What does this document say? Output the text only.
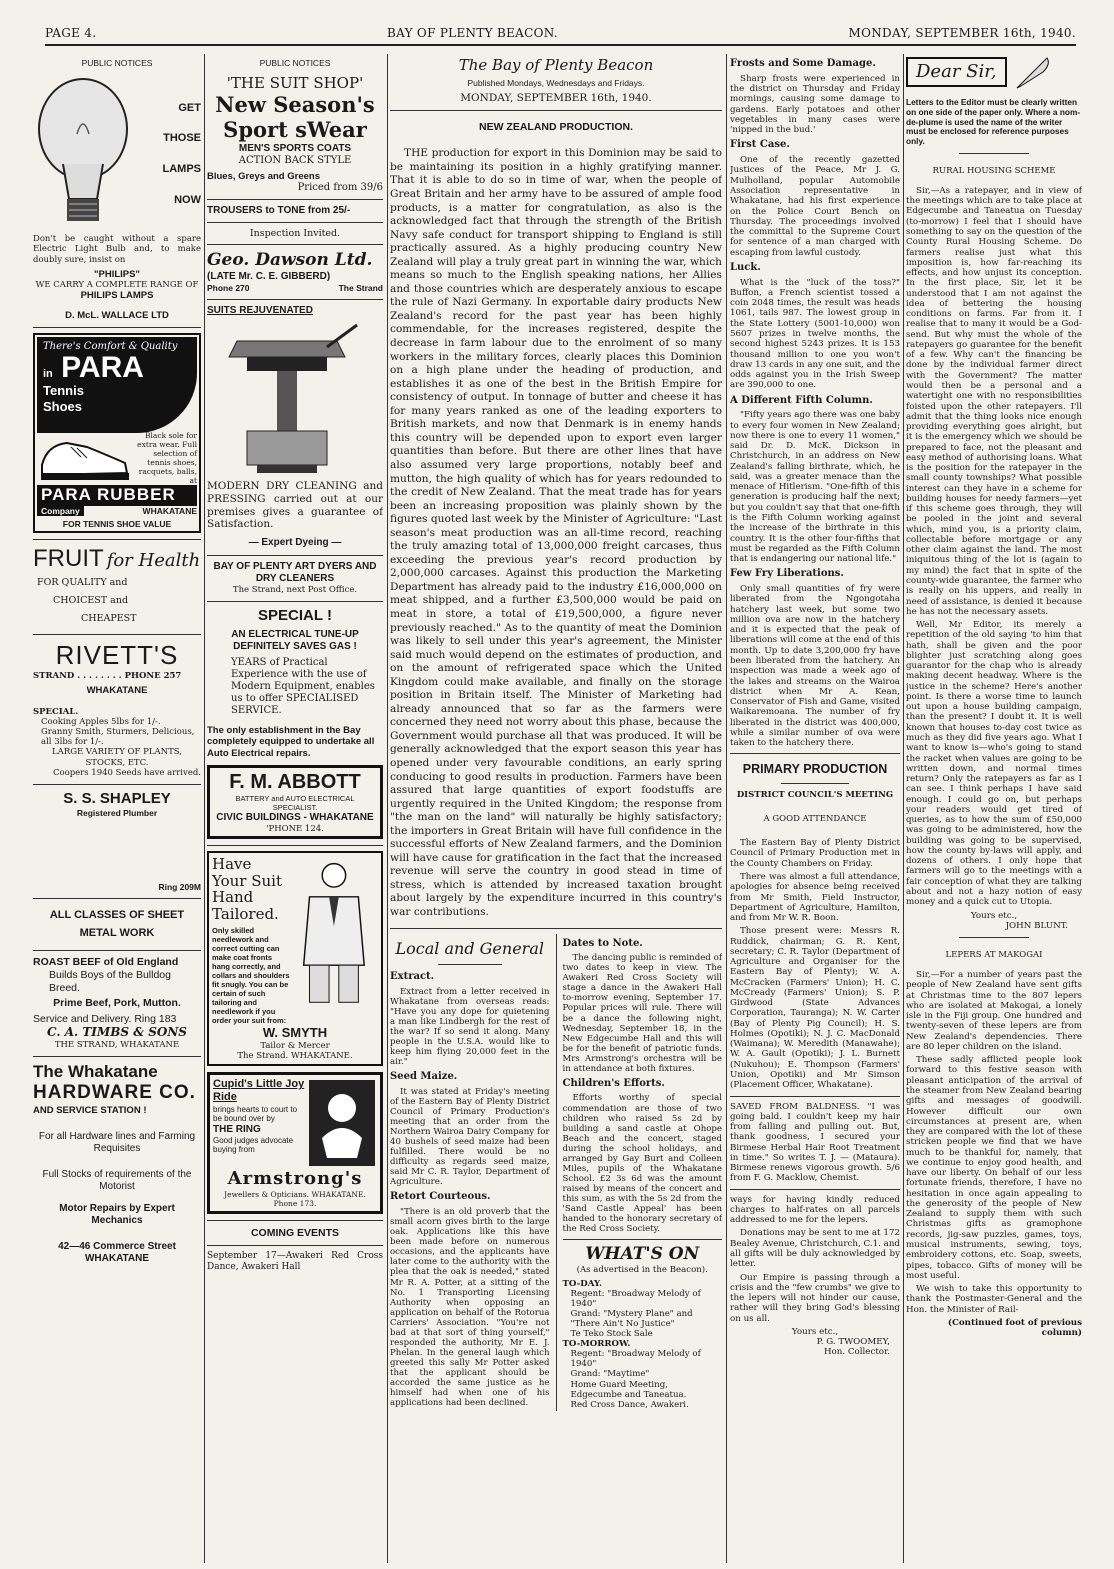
PAGE 4.	BAY OF PLENTY BEACON.	MONDAY, SEPTEMBER 16th, 1940.
PUBLIC NOTICES
GET
THOSE
LAMPS
NOW
Don't be caught without a spare Electric Light Bulb and, to make doubly sure, insist on
"PHILIPS"
WE CARRY A COMPLETE RANGE OF
PHILIPS LAMPS
D. McL. WALLACE LTD
There's Comfort & Quality
in PARA
Tennis Shoes
Black sole for extra wear. Full selection of tennis shoes, racquets, balls, at
PARA RUBBER
Company	WHAKATANE
FOR TENNIS SHOE VALUE
FRUIT for Health
FOR QUALITY and
CHOICEST and
CHEAPEST
RIVETT'S
STRAND . . . . . . . . PHONE 257
WHAKATANE
SPECIAL.
Cooking Apples 5lbs for 1/-.
Granny Smith, Sturmers, Delicious, all 3lbs for 1/-.
LARGE VARIETY OF PLANTS, STOCKS, ETC.
Coopers 1940 Seeds have arrived.
S. S. SHAPLEY
Registered Plumber
Ring 209M
ALL CLASSES OF SHEET METAL WORK
ROAST BEEF of Old England
Builds Boys of the Bulldog Breed.
Prime Beef, Pork, Mutton.
Service and Delivery. Ring 183
C. A. TIMBS & SONS
THE STRAND, WHAKATANE
The Whakatane
HARDWARE CO.
AND SERVICE STATION !
For all Hardware lines and Farming Requisites
Full Stocks of requirements of the Motorist
Motor Repairs by Expert Mechanics
42—46 Commerce Street
WHAKATANE
PUBLIC NOTICES
'THE SUIT SHOP'
New Season's
Sport sWear
MEN'S SPORTS COATS
ACTION BACK STYLE
Blues, Greys and Greens
Priced from 39/6
TROUSERS to TONE from 25/-
Inspection Invited.
Geo. Dawson Ltd.
(LATE Mr. C. E. GIBBERD)
Phone 270	The Strand
SUITS REJUVENATED
MODERN DRY CLEANING and PRESSING carried out at our premises gives a guarantee of Satisfaction.
— Expert Dyeing —
BAY OF PLENTY ART DYERS AND DRY CLEANERS
The Strand, next Post Office.
SPECIAL !
AN ELECTRICAL TUNE-UP DEFINITELY SAVES GAS !
YEARS of Practical Experience with the use of Modern Equipment, enables us to offer SPECIALISED SERVICE.
The only establishment in the Bay completely equipped to undertake all Auto Electrical repairs.
F. M. ABBOTT
BATTERY and AUTO ELECTRICAL SPECIALIST.
CIVIC BUILDINGS - WHAKATANE
'PHONE 124.
Have Your Suit Hand Tailored.
Only skilled needlework and correct cutting can make coat fronts hang correctly, and collars and shoulders fit snugly. You can be certain of such tailoring and needlework if you order your suit from:
W. SMYTH
Tailor & Mercer
The Strand. WHAKATANE.
Cupid's Little Joy Ride
brings hearts to court to be bound over by
THE RING
Good judges advocate buying from
Armstrong's
Jewellers & Opticians. WHAKATANE. Phone 173.
COMING EVENTS
September 17—Awakeri Red Cross Dance, Awakeri Hall
The Bay of Plenty Beacon
Published Mondays, Wednesdays and Fridays.
MONDAY, SEPTEMBER 16th, 1940.
NEW ZEALAND PRODUCTION.
THE production for export in this Dominion may be said to be maintaining its position in a highly gratifying manner. That it is able to do so in time of war, when the people of Great Britain and her army have to be assured of ample food products, is a matter for congratulation, as also is the acknowledged fact that through the strength of the British Navy safe conduct for transport shipping to England is still practically assured. As a highly producing country New Zealand will play a truly great part in winning the war, which means so much to the English speaking nations, her Allies and those countries which are desperately anxious to escape the rule of Nazi Germany. In exportable dairy products New Zealand's record for the past year has been highly commendable, for the increases registered, despite the decrease in farm labour due to the enrolment of so many workers in the military forces, clearly places this Dominion on a high plane under the heading of production, and establishes it as one of the best in the British Empire for consistency of output. In tonnage of butter and cheese it has for many years ranked as one of the leading exporters to British markets, and now that Denmark is in enemy hands this country will be depended upon to export even larger quantities than before. But there are other lines that have also assumed very large proportions, notably beef and mutton, the high quality of which has for years redounded to the credit of New Zealand. That the meat trade has for years been an increasing proposition was plainly shown by the figures quoted last week by the Minister of Agriculture: "Last season's meat production was an all-time record, reaching the truly amazing total of 13,000,000 freight carcases, thus exceeding the previous year's record production by 2,000,000 carcases. Against this production the Marketing Department has already paid to the industry £16,000,000 on meat shipped, and a further £3,500,000 would be paid on meat in store, a total of £19,500,000, a figure never previously reached." As to the quantity of meat the Dominion was likely to sell under this year's agreement, the Minister said much would depend on the estimates of production, and on the amount of refrigerated space which the United Kingdom could make available, and finally on the storage position in Britain itself. The Minister of Marketing had already announced that so far as the farmers were concerned they need not worry about this phase, because the Government would purchase all that was produced. It will be generally acknowledged that the export season this year has opened under very favourable conditions, an early spring conducing to good results in production. Farmers have been assured that large quantities of export foodstuffs are urgently required in the United Kingdom; the response from "the man on the land" will naturally be highly satisfactory; the importers in Great Britain will have full confidence in the successful efforts of New Zealand farmers, and the Dominion will have cause for gratification in the fact that the increased revenue will serve the country in good stead in time of stress, which is attended by increased taxation brought about largely by the expenditure incurred in this country's war contributions.
Local and General
Extract.

Extract from a letter received in Whakatane from overseas reads: "Have you any dope for quietening a man like Lindbergh for the rest of the war? If so send it along. Many people in the U.S.A. would like to keep him flying 20,000 feet in the air."

Seed Maize.

It was stated at Friday's meeting of the Eastern Bay of Plenty District Council of Primary Production's meeting that an order from the Northern Wairoa Dairy Company for 40 bushels of seed maize had been fulfilled. There would be no difficulty as regards seed maize, said Mr C. R. Taylor, Department of Agriculture.

Retort Courteous.

"There is an old proverb that the small acorn gives birth to the large oak. Applications like this have been made before on numerous occasions, and the applicants have later come to the authority with the plea that the oak is needed," stated Mr R. A. Potter, at a sitting of the No. 1 Transporting Licensing Authority when opposing an application on behalf of the Rotorua Carriers' Association. "You're not bad at that sort of thing yourself," responded the authority, Mr E. J. Phelan. In the general laugh which greeted this sally Mr Potter asked that the applicant should be accorded the same justice as he himself had when one of his applications had been declined.

Dates to Note.

The dancing public is reminded of two dates to keep in view. The Awakeri Red Cross Society will stage a dance in the Awakeri Hall to-morrow evening, September 17. Popular prices will rule. There will be a dance the following night, Wednesday, September 18, in the New Edgecumbe Hall and this will be for the benefit of patriotic funds. Mrs Armstrong's orchestra will be in attendance at both fixtures.

Children's Efforts.

Efforts worthy of special commendation are those of two children who raised 5s 2d by building a sand castle at Ohope Beach and the concert, staged during the school holidays, and arranged by Gay Burt and Colleen Miles, pupils of the Whakatane School. £2 3s 6d was the amount raised by means of the concert and this sum, as with the 5s 2d from the 'Sand Castle Appeal' has been handed to the honorary secretary of the Red Cross Society.

WHAT'S ON
(As advertised in the Beacon).
TO-DAY.
Regent: "Broadway Melody of 1940"
Grand: "Mystery Plane" and "There Ain't No Justice"
Te Teko Stock Sale
TO-MORROW.
Regent: "Broadway Melody of 1940"
Grand: "Maytime"
Home Guard Meeting, Edgecumbe and Taneatua.
Red Cross Dance, Awakeri.
Frosts and Some Damage.

Sharp frosts were experienced in the district on Thursday and Friday mornings, causing some damage to gardens. Early potatoes and other vegetables in many cases were 'nipped in the bud.'

First Case.

One of the recently gazetted Justices of the Peace, Mr J. G. Mulholland, popular Automobile Association representative in Whakatane, had his first experience on the Police Court Bench on Thursday. The proceedings involved the committal to the Supreme Court for sentence of a man charged with escaping from lawful custody.

Luck.

What is the "luck of the toss?" Buffon, a French scientist tossed a coin 2048 times, the result was heads 1061, tails 987. The lowest group in the State Lottery (5001-10,000) won 5607 prizes in twelve months, the second highest 5243 prizes. It is 153 thousand million to one you won't draw 13 cards in any one suit, and the odds against you in the Irish Sweep are 390,000 to one.

A Different Fifth Column.

"Fifty years ago there was one baby to every four women in New Zealand; now there is one to every 11 women," said Dr. D. McK. Dickson in Christchurch, in an address on New Zealand's falling birthrate, which, he said, was a greater menace than the menace of Hitlerism. "One-fifth of this generation is producing half the next; but you couldn't say that that one-fifth is the Fifth Column working against the increase of the birthrate in this country. It is the other four-fifths that must be regarded as the Fifth Column that is endangering our national life."

Few Fry Liberations.

Only small quantities of fry were liberated from the Ngongotaha hatchery last week, but some two million ova are now in the hatchery and it is expected that the peak of liberations will come at the end of this month. Up to date 3,200,000 fry have been liberated from the hatchery. An inspection was made a week ago of the lakes and streams on the Wairoa district when Mr A. Kean, Conservator of Fish and Game, visited Waikaremoana. The number of fry liberated in the district was 400,000, while a similar number of ova were taken to the hatchery there.

PRIMARY PRODUCTION
DISTRICT COUNCIL'S MEETING
A GOOD ATTENDANCE

The Eastern Bay of Plenty District Council of Primary Production met in the County Chambers on Friday.

There was almost a full attendance, apologies for absence being received from Mr Smith, Field Instructor, Department of Agriculture, Hamilton, and from Mr W. R. Boon.

Those present were: Messrs R. Ruddick, chairman; G. R. Kent, secretary; C. R. Taylor (Department of Agriculture and Organiser for the Eastern Bay of Plenty); W. A. McCracken (Farmers' Union); H. C. McCready (Farmers' Union); S. P. Girdwood (State Advances Corporation, Tauranga); N. W. Carter (Bay of Plenty Pig Council); H. S. Holmes (Opotiki); N. J. C. MacDonald (Waimana); W. Meredith (Manawahe); W. A. Gault (Opotiki); J. L. Burnett (Nukuhou); E. Thompson (Farmers' Union, Opotiki) and Mr Simson (Placement Officer, Whakatane).

SAVED FROM BALDNESS. "I was going bald. I couldn't keep my hair from falling and pulling out. But, thank goodness, I secured your Birmese Herbal Hair Root Treatment in time." So writes T. J. — (Mataura). Birmese renews vigorous growth. 5/6 from F. G. Macklow, Chemist.

ways for having kindly reduced charges to half-rates on all parcels addressed to me for the lepers.

Donations may be sent to me at 172 Bealey Avenue, Christchurch, C.1. and all gifts will be duly acknowledged by letter.

Our Empire is passing through a crisis and the "few crumbs" we give to the lepers will not hinder our cause, rather will they bring God's blessing on us all.

Yours etc.,
P. G. TWOOMEY,
Hon. Collector.
Dear Sir,
Letters to the Editor must be clearly written on one side of the paper only. Where a nom-de-plume is used the name of the writer must be enclosed for reference purposes only.
RURAL HOUSING SCHEME

Sir,—As a ratepayer, and in view of the meetings which are to take place at Edgecumbe and Taneatua on Tuesday (to-morrow) I feel that I should have something to say on the question of the County Rural Housing Scheme. Do farmers realise just what this imposition is, how far-reaching its effects, and how unjust its conception. In the first place, Sir, let it be understood that I am not against the idea of bettering the housing conditions on farms. Far from it. I realise that to many it would be a God-send. But why must the whole of the ratepayers go guarantee for the benefit of a few. Why can't the financing be done by the individual farmer direct with the Government? The matter would then be a personal and a watertight one with no responsibilities foisted upon the other ratepayers. I'll admit that the thing looks nice enough providing everything goes alright, but it is the emergency which we should be prepared to face, not the pleasant and easy method of authorising loans. What is the position for the ratepayer in the small county townships? What possible interest can they have in a scheme for building houses for needy farmers—yet if this scheme goes through, they will be pooled in the joint and several which, mind you, is a priority claim, collectable before mortgage or any other claim against the land. The most iniquitous thing of the lot is (again to my mind) the fact that in spite of the county-wide guarantee, the farmer who is really on his uppers, and really in need of assistance, is denied it because he has not the necessary assets.

Well, Mr Editor, its merely a repetition of the old saying 'to him that hath, shall be given and the poor blighter just scratching along goes guarantor for the chap who is already making decent headway. Where is the justice in the scheme? Here's another point. Is there a worse time to launch out upon a house building campaign, than the present? I doubt it. It is well known that houses to-day cost twice as much as they did five years ago. What I want to know is—who's going to stand the racket when values are going to be written down, and normal times return? Only the ratepayers as far as I can see. I think perhaps I have said enough. I could go on, but perhaps your readers would get tired of queries, as to how the sum of £50,000 was going to be administered, how the building was going to be supervised, how the county by-laws will apply, and dozens of others. I only hope that farmers will go to the meetings with a fair conception of what they are talking about and not a hazy notion of easy money and a quick cut to Utopia.

Yours etc.,
JOHN BLUNT.
LEPERS AT MAKOGAI

Sir,—For a number of years past the people of New Zealand have sent gifts at Christmas time to the 807 lepers who are isolated at Makogai, a lonely isle in the Fiji group. One hundred and twenty-seven of these lepers are from New Zealand's dependencies. There are 80 leper children on the island.

These sadly afflicted people look forward to this festive season with pleasant anticipation of the arrival of the steamer from New Zealand bearing gifts and messages of goodwill. However difficult our own circumstances at present are, when they are compared with the lot of these stricken people we find that we have much to be thankful for, namely, that we continue to enjoy good health, and have our liberty. On behalf of our less fortunate friends, therefore, I have no hesitation in once again appealing to the generosity of the people of New Zealand to supply them with such Christmas gifts as gramophone records, jig-saw puzzles, games, toys, musical instruments, sewing, toys, embroidery cottons, etc. Soap, sweets, pipes, tobacco. Gifts of money will be most useful.

We wish to take this opportunity to thank the Postmaster-General and the Hon. the Minister of Rail-

(Continued foot of previous column)
